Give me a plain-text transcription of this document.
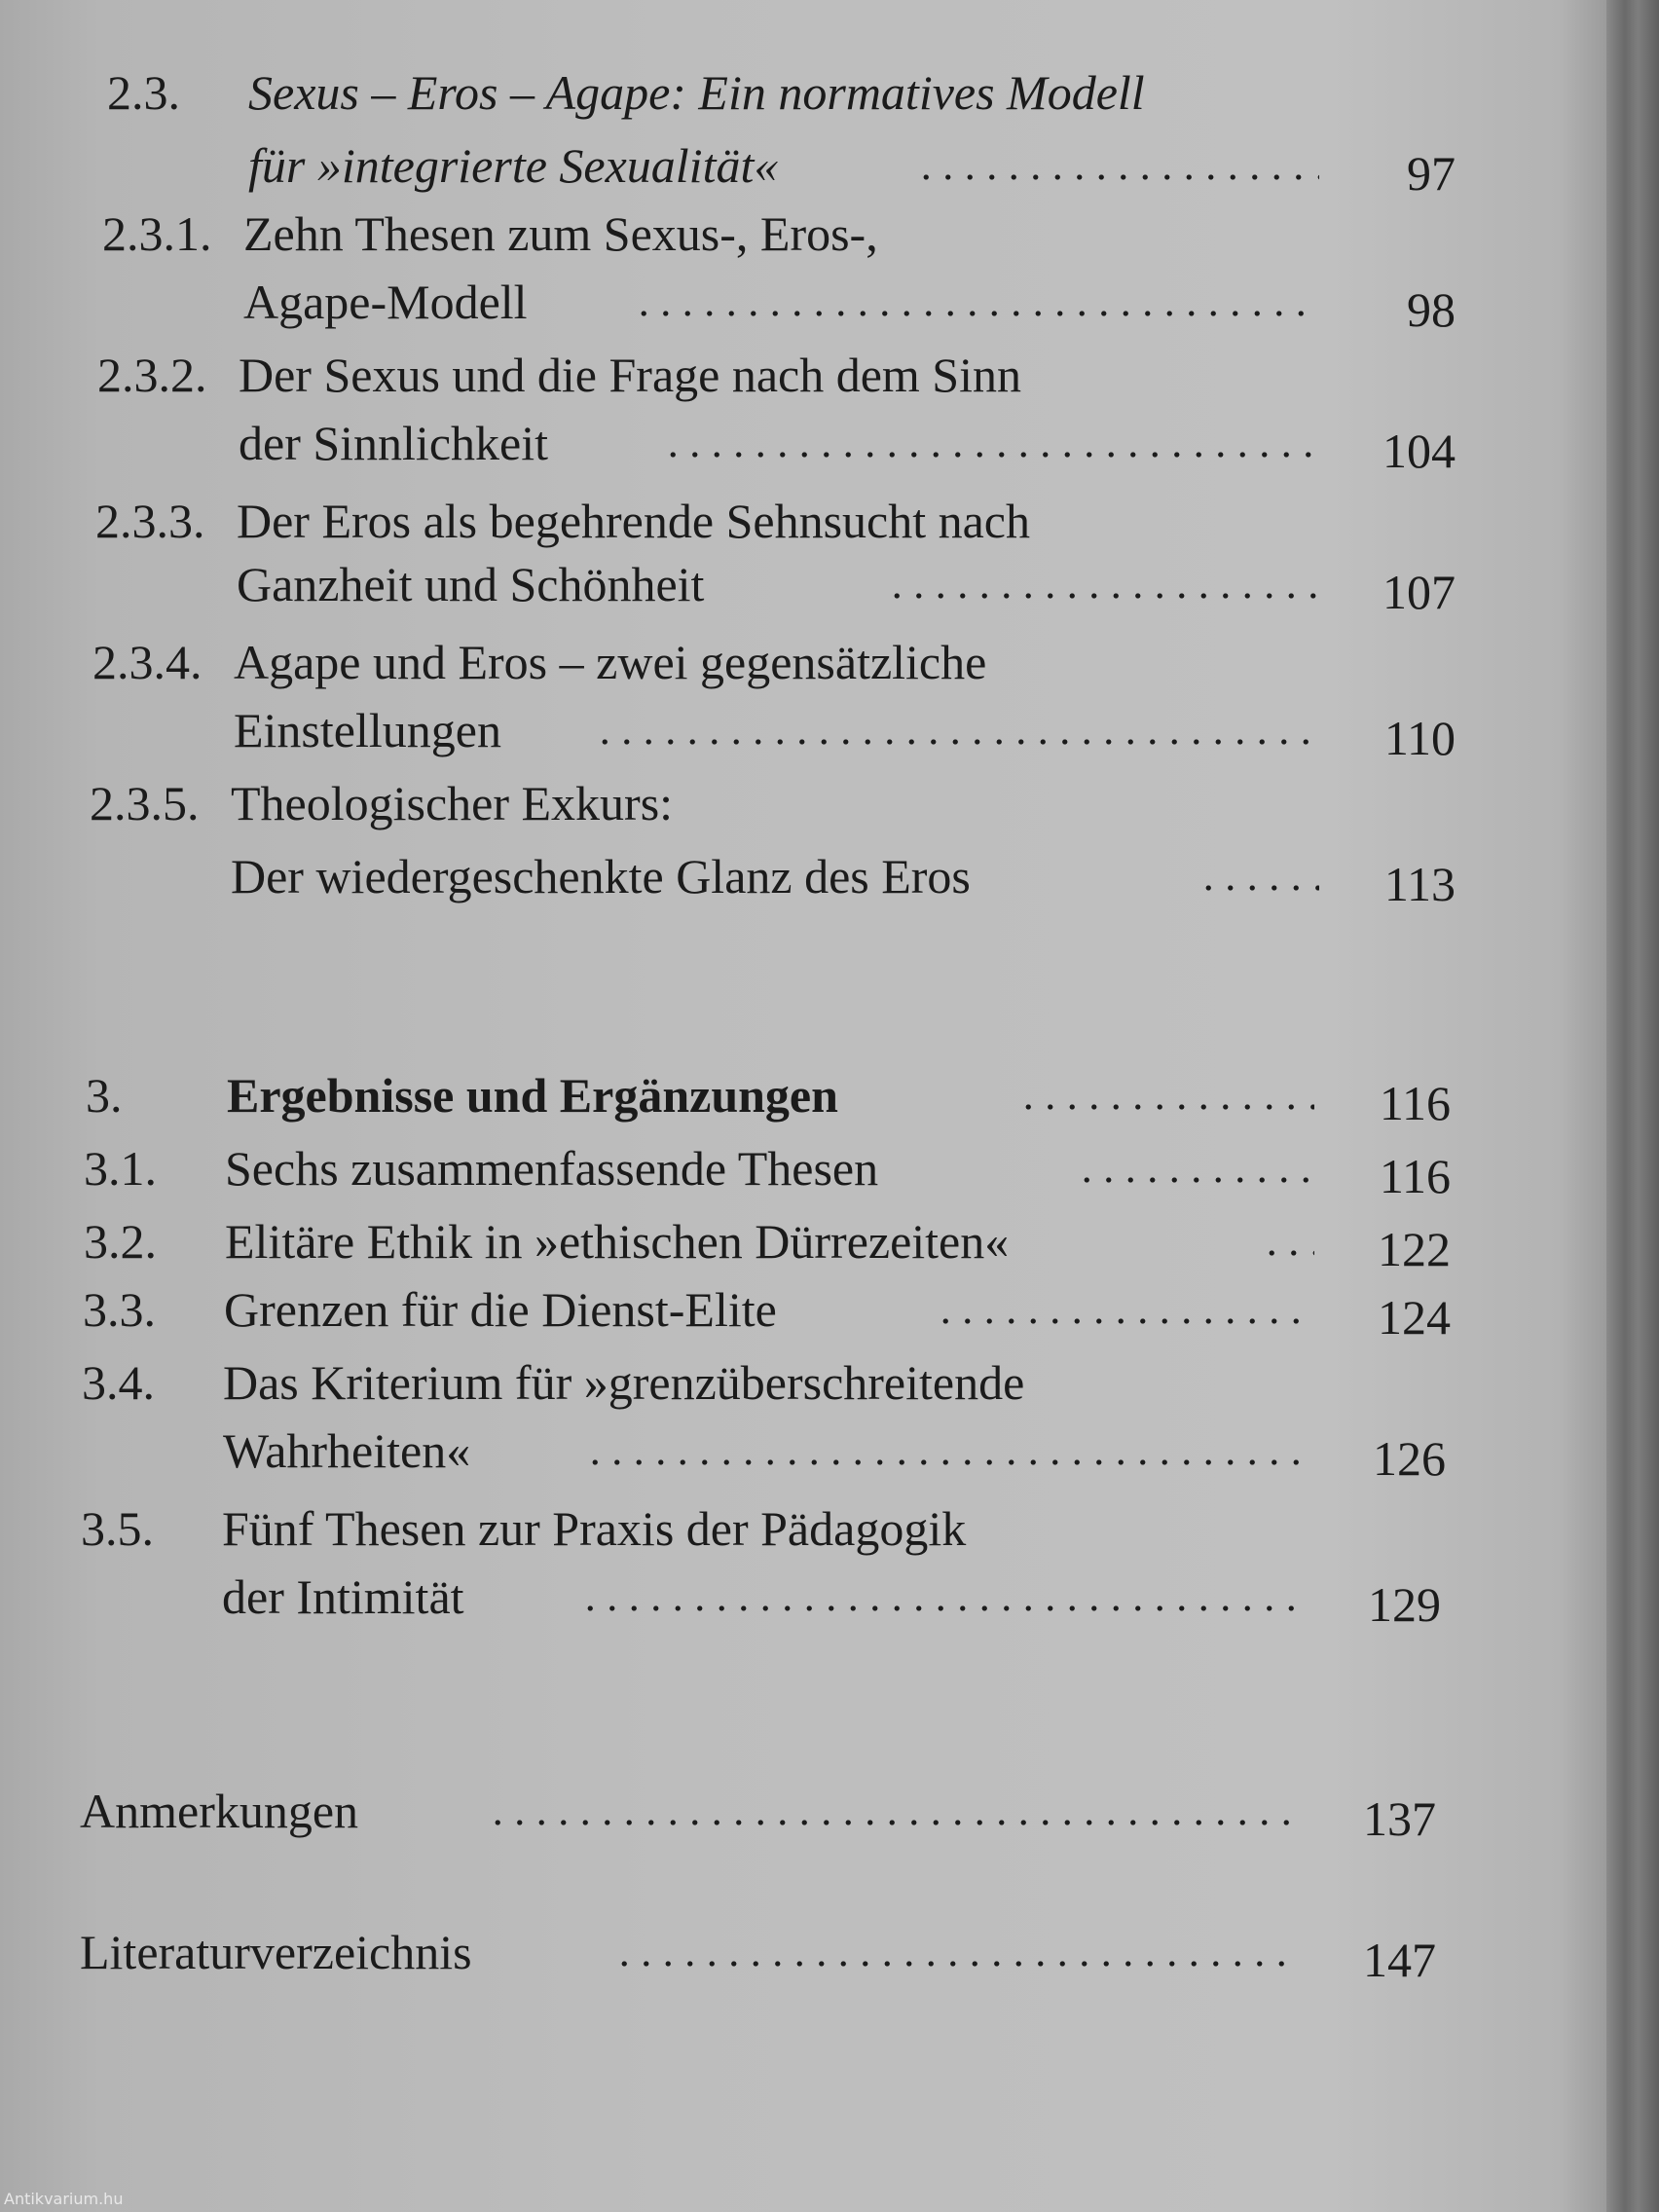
2.3. Sexus – Eros – Agape: Ein normatives Modell
für »integrierte Sexualität«	97
2.3.1. Zehn Thesen zum Sexus-, Eros-,
Agape-Modell	98
2.3.2. Der Sexus und die Frage nach dem Sinn
der Sinnlichkeit	104
2.3.3. Der Eros als begehrende Sehnsucht nach
Ganzheit und Schönheit	107
2.3.4. Agape und Eros – zwei gegensätzliche
Einstellungen	110
2.3.5. Theologischer Exkurs:
Der wiedergeschenkte Glanz des Eros	113
3. Ergebnisse und Ergänzungen	116
3.1. Sechs zusammenfassende Thesen	116
3.2. Elitäre Ethik in »ethischen Dürrezeiten«	122
3.3. Grenzen für die Dienst-Elite	124
3.4. Das Kriterium für »grenzüberschreitende
Wahrheiten«	126
3.5. Fünf Thesen zur Praxis der Pädagogik
der Intimität	129
Anmerkungen	137
Literaturverzeichnis	147
Antikvarium.hu
